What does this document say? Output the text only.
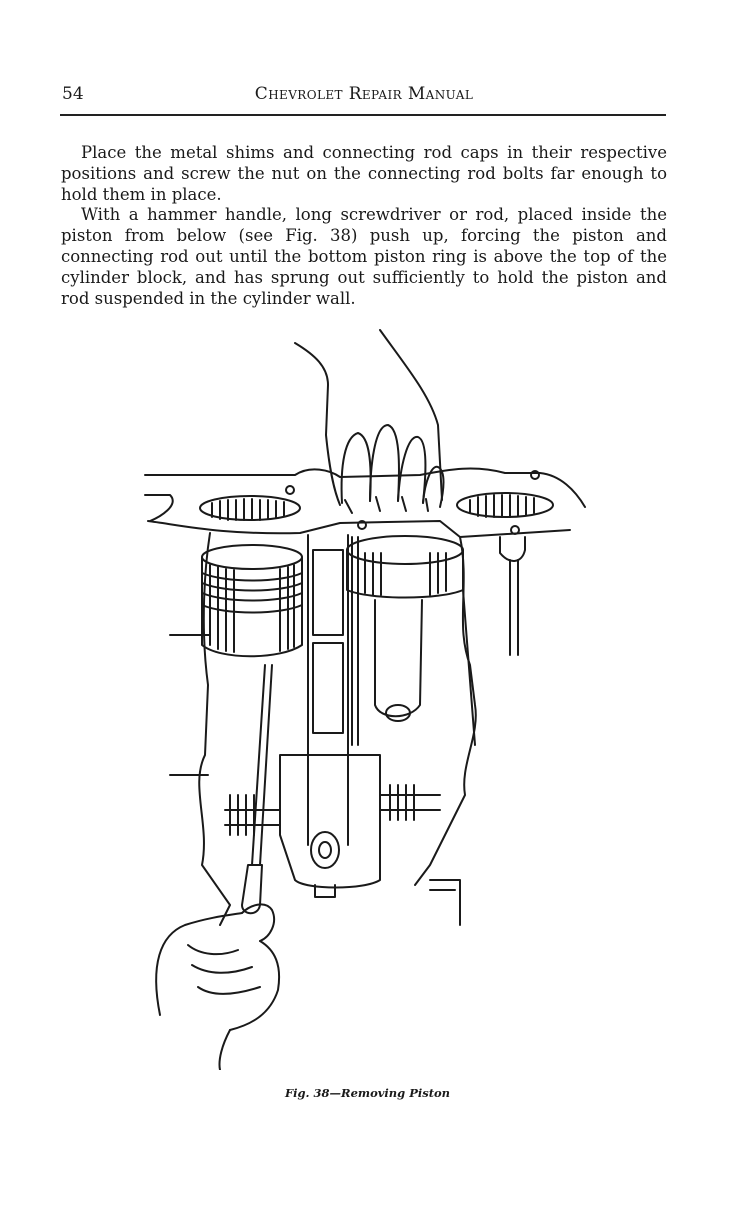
54	Chevrolet Repair Manual

Place the metal shims and connecting rod caps in their respective positions and screw the nut on the connecting rod bolts far enough to hold them in place.

With a hammer handle, long screwdriver or rod, placed inside the piston from below (see Fig. 38) push up, forcing the piston and connecting rod out until the bottom piston ring is above the top of the cylinder block, and has sprung out sufficiently to hold the piston and rod suspended in the cylinder wall.

Fig. 38—Removing Piston
